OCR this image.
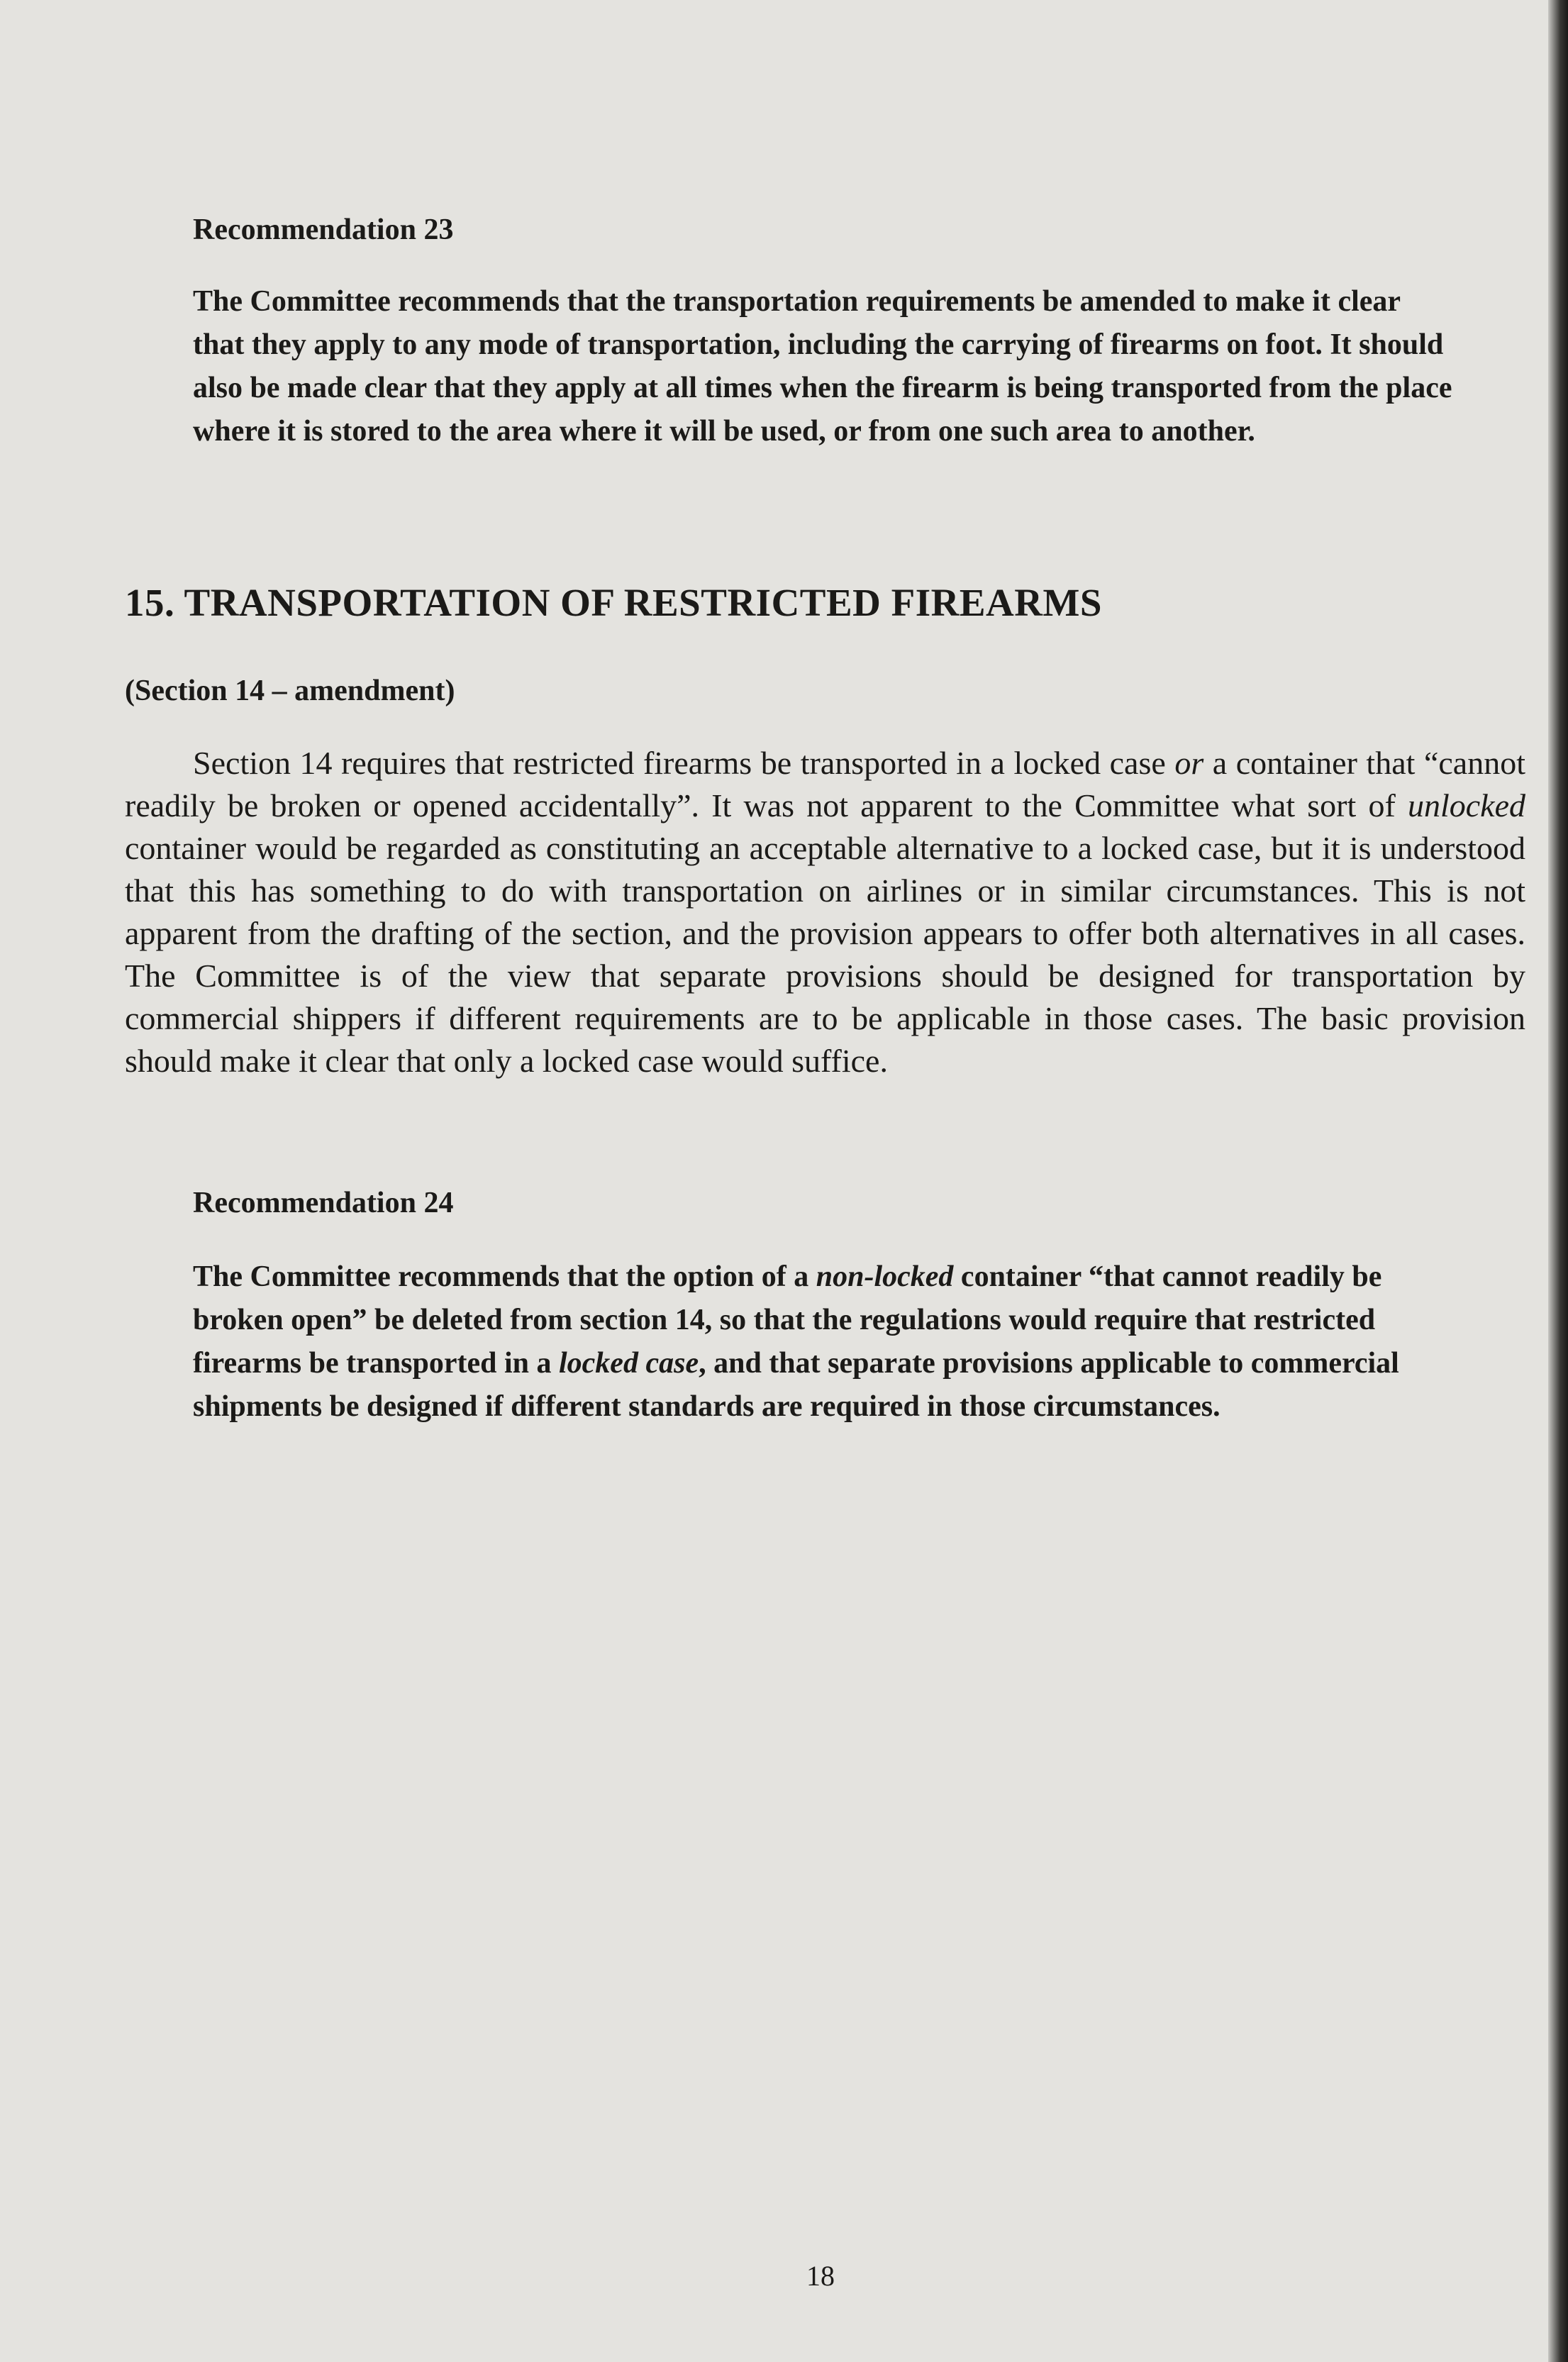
Recommendation 23

The Committee recommends that the transportation requirements be amended to make it clear that they apply to any mode of transportation, including the carrying of firearms on foot. It should also be made clear that they apply at all times when the firearm is being transported from the place where it is stored to the area where it will be used, or from one such area to another.

15. TRANSPORTATION OF RESTRICTED FIREARMS
(Section 14 – amendment)

Section 14 requires that restricted firearms be transported in a locked case or a container that “cannot readily be broken or opened accidentally”. It was not apparent to the Committee what sort of unlocked container would be regarded as constituting an acceptable alternative to a locked case, but it is understood that this has something to do with transportation on airlines or in similar circumstances. This is not apparent from the drafting of the section, and the provision appears to offer both alternatives in all cases. The Committee is of the view that separate provisions should be designed for transportation by commercial shippers if different requirements are to be applicable in those cases. The basic provision should make it clear that only a locked case would suffice.

Recommendation 24

The Committee recommends that the option of a non-locked container “that cannot readily be broken open” be deleted from section 14, so that the regulations would require that restricted firearms be transported in a locked case, and that separate provisions applicable to commercial shipments be designed if different standards are required in those circumstances.

18
